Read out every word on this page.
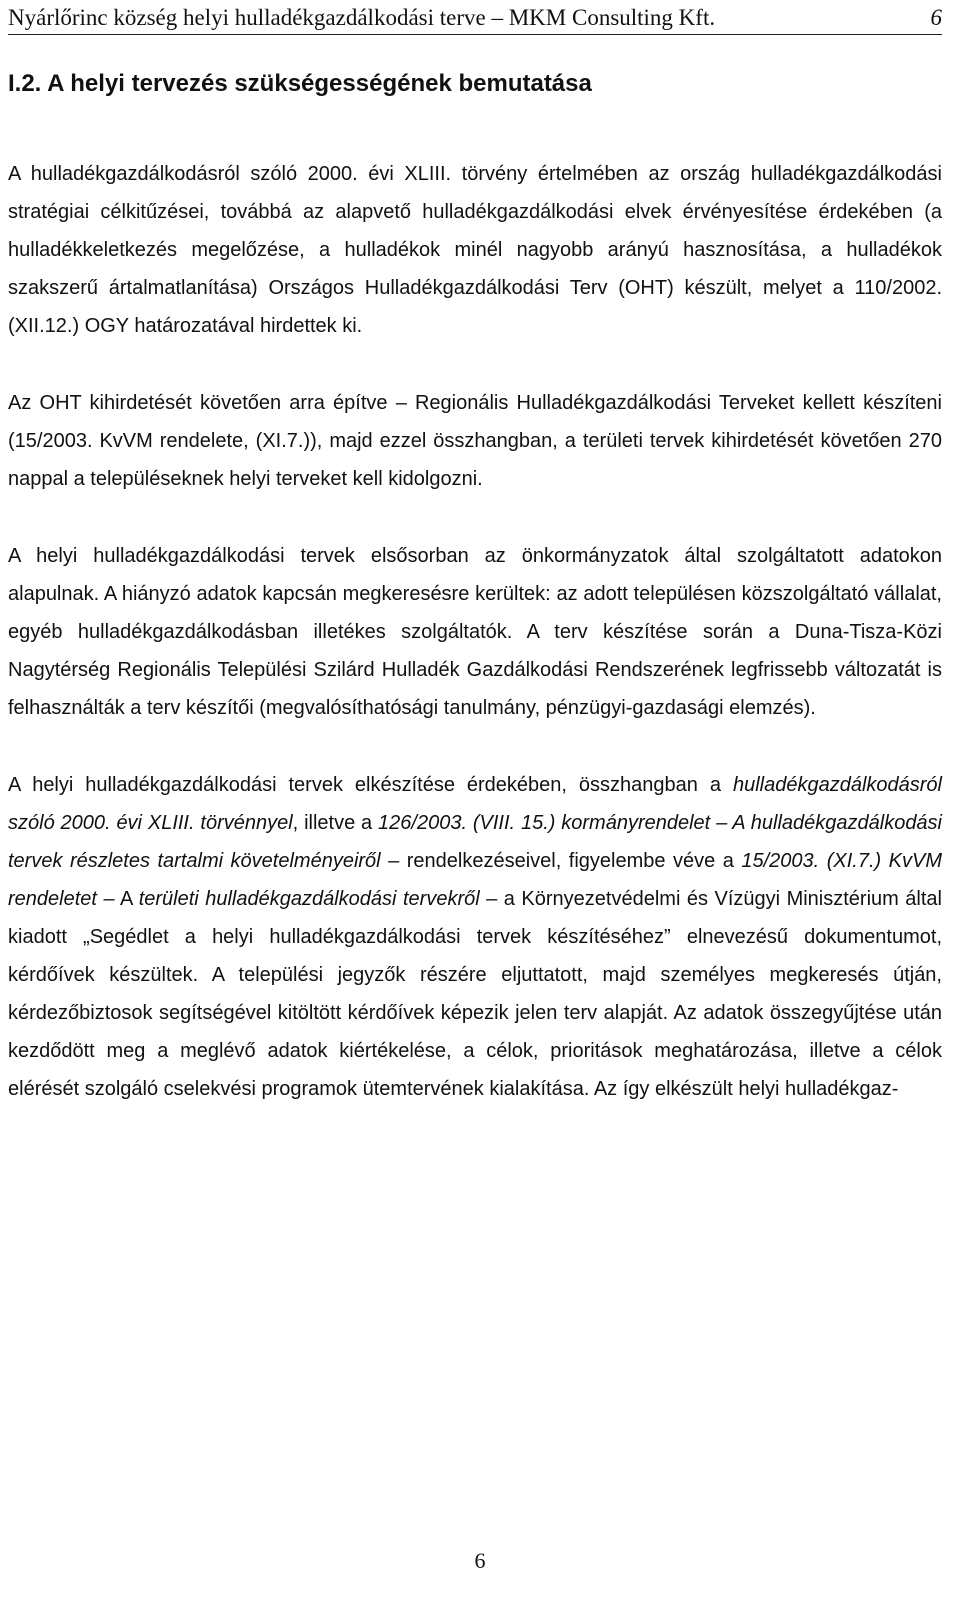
Nyárlőrinc község helyi hulladékgazdálkodási terve – MKM Consulting Kft.	6
I.2. A helyi tervezés szükségességének bemutatása

A hulladékgazdálkodásról szóló 2000. évi XLIII. törvény értelmében az ország hulladékgazdálkodási stratégiai célkitűzései, továbbá az alapvető hulladékgazdálkodási elvek érvényesítése érdekében (a hulladékkeletkezés megelőzése, a hulladékok minél nagyobb arányú hasznosítása, a hulladékok szakszerű ártalmatlanítása) Országos Hulladékgazdálkodási Terv (OHT) készült, melyet a 110/2002. (XII.12.) OGY határozatával hirdettek ki.

Az OHT kihirdetését követően arra építve – Regionális Hulladékgazdálkodási Terveket kellett készíteni (15/2003. KvVM rendelete, (XI.7.)), majd ezzel összhangban, a területi tervek kihirdetését követően 270 nappal a településeknek helyi terveket kell kidolgozni.

A helyi hulladékgazdálkodási tervek elsősorban az önkormányzatok által szolgáltatott adatokon alapulnak. A hiányzó adatok kapcsán megkeresésre kerültek: az adott településen közszolgáltató vállalat, egyéb hulladékgazdálkodásban illetékes szolgáltatók. A terv készítése során a Duna-Tisza-Közi Nagytérség Regionális Települési Szilárd Hulladék Gazdálkodási Rendszerének legfrissebb változatát is felhasználták a terv készítői (megvalósíthatósági tanulmány, pénzügyi-gazdasági elemzés).

A helyi hulladékgazdálkodási tervek elkészítése érdekében, összhangban a hulladékgazdálkodásról szóló 2000. évi XLIII. törvénnyel, illetve a 126/2003. (VIII. 15.) kormányrendelet – A hulladékgazdálkodási tervek részletes tartalmi követelményeiről – rendelkezéseivel, figyelembe véve a 15/2003. (XI.7.) KvVM rendeletet – A területi hulladékgazdálkodási tervekről – a Környezetvédelmi és Vízügyi Minisztérium által kiadott „Segédlet a helyi hulladékgazdálkodási tervek készítéséhez” elnevezésű dokumentumot, kérdőívek készültek. A települési jegyzők részére eljuttatott, majd személyes megkeresés útján, kérdezőbiztosok segítségével kitöltött kérdőívek képezik jelen terv alapját. Az adatok összegyűjtése után kezdődött meg a meglévő adatok kiértékelése, a célok, prioritások meghatározása, illetve a célok elérését szolgáló cselekvési programok ütemtervének kialakítása. Az így elkészült helyi hulladékgaz-

6
